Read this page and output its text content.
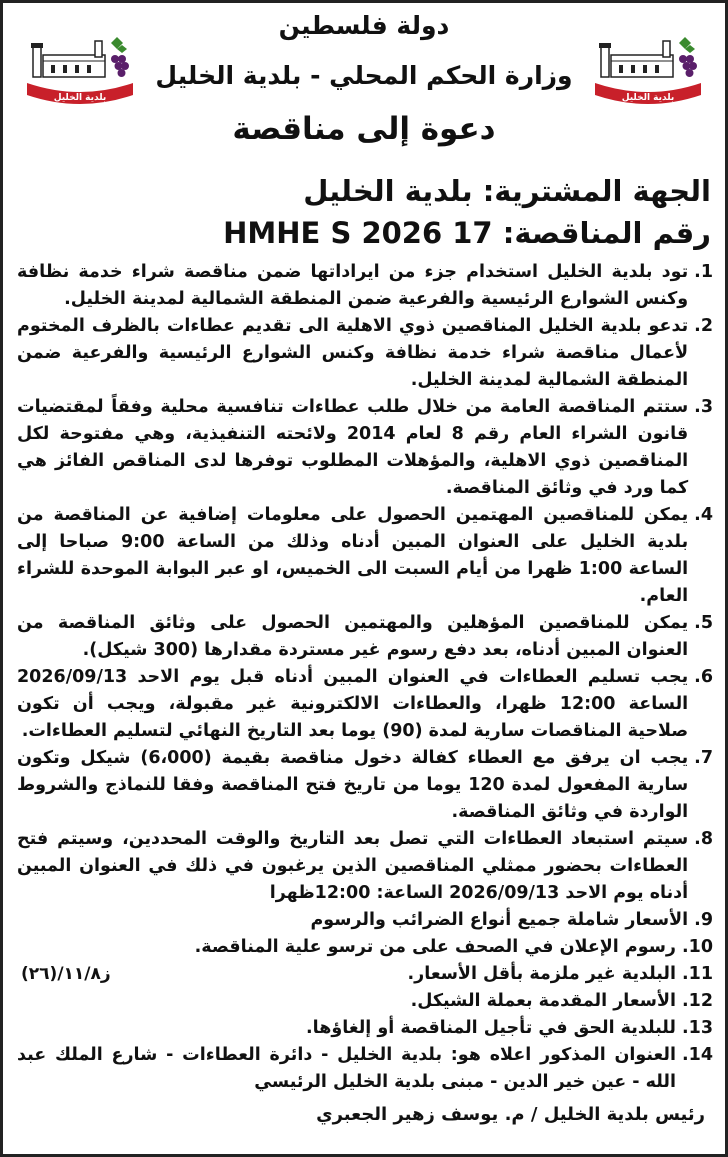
بلدية الخليل
بلدية الخليل
دولة فلسطين
وزارة الحكم المحلي - بلدية الخليل
دعوة إلى مناقصة
الجهة المشترية: بلدية الخليل
رقم المناقصة: HMHE S 2026 17
1.
تود بلدية الخليل استخدام جزء من ايراداتها ضمن مناقصة شراء خدمة نظافة وكنس الشوارع الرئيسية والفرعية ضمن المنطقة الشمالية لمدينة الخليل.
2.
تدعو بلدية الخليل المناقصين ذوي الاهلية الى تقديم عطاءات بالظرف المختوم لأعمال مناقصة شراء خدمة نظافة وكنس الشوارع الرئيسية والفرعية ضمن المنطقة الشمالية لمدينة الخليل.
3.
ستتم المناقصة العامة من خلال طلب عطاءات تنافسية محلية وفقاً لمقتضيات قانون الشراء العام رقم 8 لعام 2014 ولائحته التنفيذية، وهي مفتوحة لكل المناقصين ذوي الاهلية، والمؤهلات المطلوب توفرها لدى المناقص الفائز هي كما ورد في وثائق المناقصة.
4.
يمكن للمناقصين المهتمين الحصول على معلومات إضافية عن المناقصة من بلدية الخليل على العنوان المبين أدناه وذلك من الساعة 9:00 صباحا إلى الساعة 1:00 ظهرا من أيام السبت الى الخميس، او عبر البوابة الموحدة للشراء العام.
5.
يمكن للمناقصين المؤهلين والمهتمين الحصول على وثائق المناقصة من العنوان المبين أدناه، بعد دفع رسوم غير مستردة مقدارها (300 شيكل).
6.
يجب تسليم العطاءات في العنوان المبين أدناه قبل يوم الاحد 2026/09/13 الساعة 12:00 ظهرا، والعطاءات الالكترونية غير مقبولة، ويجب أن تكون صلاحية المناقصات سارية لمدة (90) يوما بعد التاريخ النهائي لتسليم العطاءات.
7.
يجب ان يرفق مع العطاء كفالة دخول مناقصة بقيمة (6،000) شيكل وتكون سارية المفعول لمدة 120 يوما من تاريخ فتح المناقصة وفقا للنماذج والشروط الواردة في وثائق المناقصة.
8.
سيتم استبعاد العطاءات التي تصل بعد التاريخ والوقت المحددين، وسيتم فتح العطاءات بحضور ممثلي المناقصين الذين يرغبون في ذلك في العنوان المبين أدناه يوم الاحد 2026/09/13 الساعة: 12:00ظهرا
9.
الأسعار شاملة جميع أنواع الضرائب والرسوم
10.
رسوم الإعلان في الصحف على من ترسو علية المناقصة.
11.
البلدية غير ملزمة بأقل الأسعار.
ز١١/٨/(٢٦)
12.
الأسعار المقدمة بعملة الشيكل.
13.
للبلدية الحق في تأجيل المناقصة أو إلغاؤها.
14.
العنوان المذكور اعلاه هو: بلدية الخليل - دائرة العطاءات - شارع الملك عبد الله - عين خير الدين - مبنى بلدية الخليل الرئيسي
رئيس بلدية الخليل / م. يوسف زهير الجعبري
